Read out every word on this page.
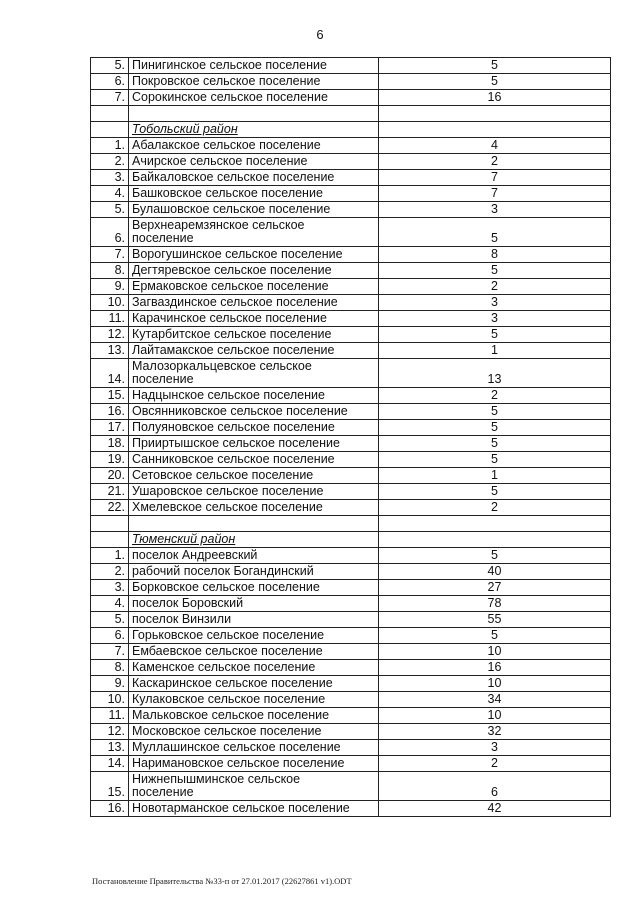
6
5.	Пинигинское сельское поселение	5
6.	Покровское сельское поселение	5
7.	Сорокинское сельское поселение	16

	Тобольский район	
1.	Абалакское сельское поселение	4
2.	Ачирское сельское поселение	2
3.	Байкаловское сельское поселение	7
4.	Башковское сельское поселение	7
5.	Булашовское сельское поселение	3
6.	Верхнеаремзянское сельское
поселение	5
7.	Ворогушинское сельское поселение	8
8.	Дегтяревское сельское поселение	5
9.	Ермаковское сельское поселение	2
10.	Загваздинское сельское поселение	3
11.	Карачинское сельское поселение	3
12.	Кутарбитское сельское поселение	5
13.	Лайтамакское сельское поселение	1
14.	Малозоркальцевское сельское
поселение	13
15.	Надцынское сельское поселение	2
16.	Овсянниковское сельское поселение	5
17.	Полуяновское сельское поселение	5
18.	Прииртышское сельское поселение	5
19.	Санниковское сельское поселение	5
20.	Сетовское сельское поселение	1
21.	Ушаровское сельское поселение	5
22.	Хмелевское сельское поселение	2

	Тюменский район	
1.	поселок Андреевский	5
2.	рабочий поселок Богандинский	40
3.	Борковское сельское поселение	27
4.	поселок Боровский	78
5.	поселок Винзили	55
6.	Горьковское сельское поселение	5
7.	Ембаевское сельское поселение	10
8.	Каменское сельское поселение	16
9.	Каскаринское сельское поселение	10
10.	Кулаковское сельское поселение	34
11.	Мальковское сельское поселение	10
12.	Московское сельское поселение	32
13.	Муллашинское сельское поселение	3
14.	Наримановское сельское поселение	2
15.	Нижнепышминское сельское
поселение	6
16.	Новотарманское сельское поселение	42
Постановление Правительства №33-п от 27.01.2017 (22627861 v1).ODT
